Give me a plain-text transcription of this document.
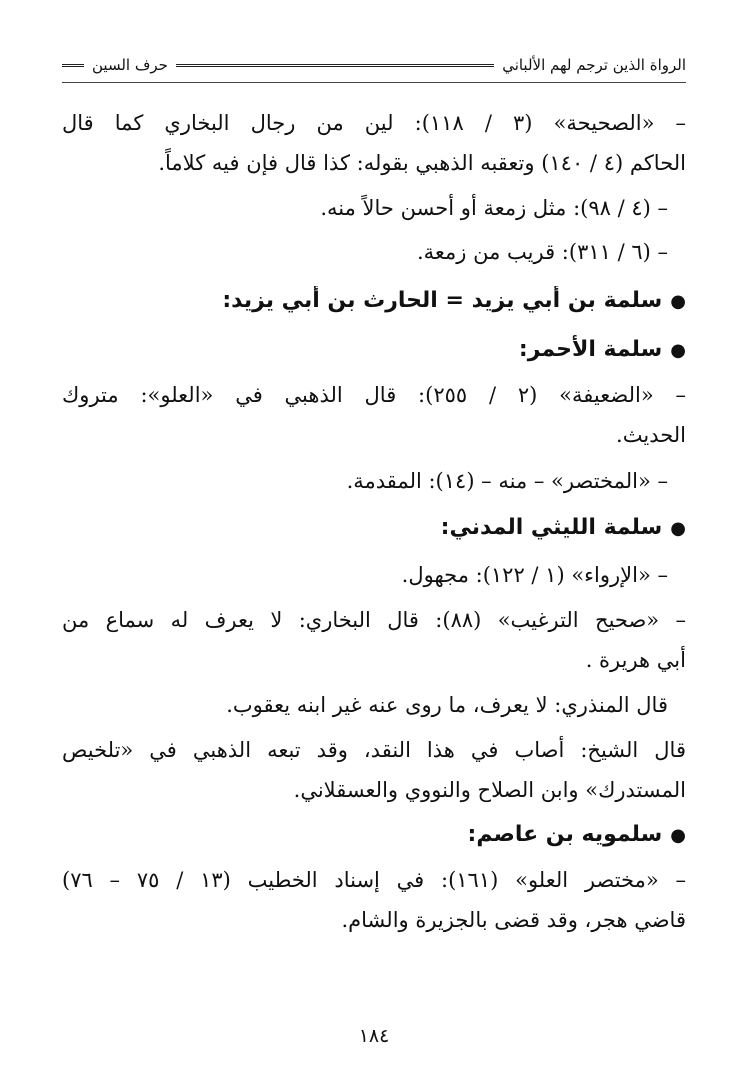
الرواة الذين ترجم لهم الألباني
حرف السين
– «الصحيحة» (٣ / ١١٨): لين من رجال البخاري كما قال
الحاكم (٤ / ١٤٠) وتعقبه الذهبي بقوله: كذا قال فإن فيه كلاماً.
– (٤ / ٩٨): مثل زمعة أو أحسن حالاً منه.
– (٦ / ٣١١): قريب من زمعة.
●سلمة بن أبي يزيد = الحارث بن أبي يزيد:
●سلمة الأحمر:
– «الضعيفة» (٢ / ٢٥٥): قال الذهبي في «العلو»: متروك
الحديث.
– «المختصر» – منه – (١٤): المقدمة.
●سلمة الليثي المدني:
– «الإرواء» (١ / ١٢٢): مجهول.
– «صحيح الترغيب» (٨٨): قال البخاري: لا يعرف له سماع من
أبي هريرة .
قال المنذري: لا يعرف، ما روى عنه غير ابنه يعقوب.
قال الشيخ: أصاب في هذا النقد، وقد تبعه الذهبي في «تلخيص
المستدرك» وابن الصلاح والنووي والعسقلاني.
●سلمويه بن عاصم:
– «مختصر العلو» (١٦١): في إسناد الخطيب (١٣ / ٧٥ – ٧٦)
قاضي هجر، وقد قضى بالجزيرة والشام.
١٨٤
